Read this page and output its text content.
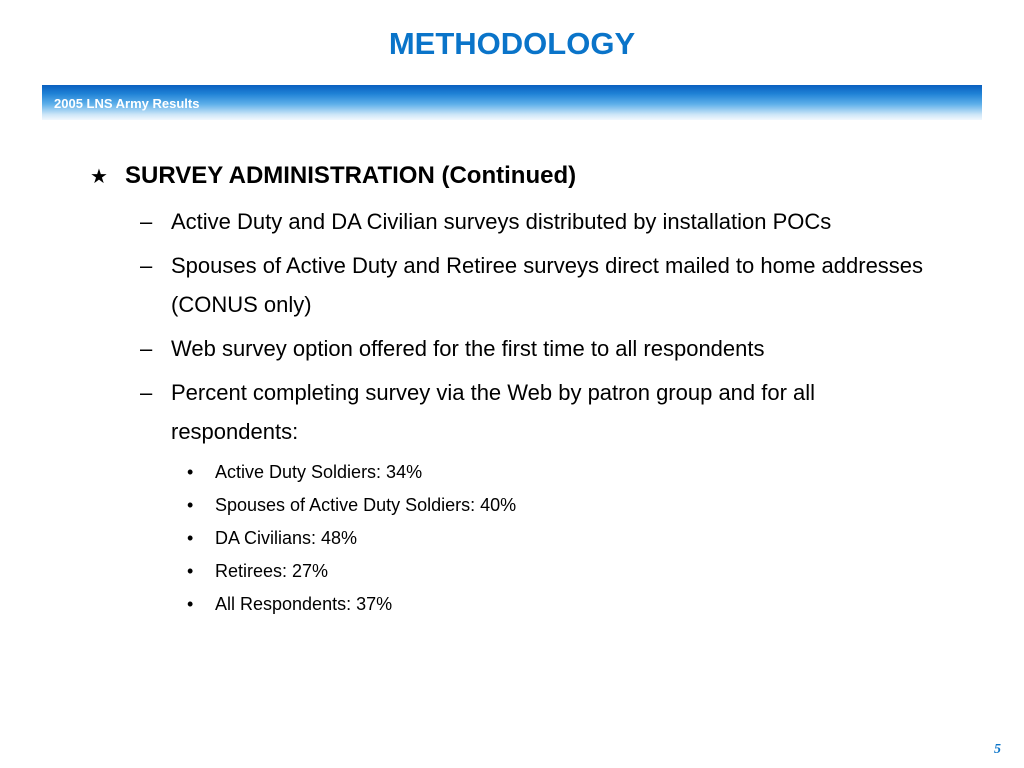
METHODOLOGY
2005 LNS Army Results
★ SURVEY ADMINISTRATION (Continued)
– Active Duty and DA Civilian surveys distributed by installation POCs
– Spouses of Active Duty and Retiree surveys direct mailed to home addresses (CONUS only)
– Web survey option offered for the first time to all respondents
– Percent completing survey via the Web by patron group and for all respondents:
•	Active Duty Soldiers: 34%
•	Spouses of Active Duty Soldiers: 40%
•	DA Civilians: 48%
•	Retirees: 27%
•	All Respondents: 37%
5
